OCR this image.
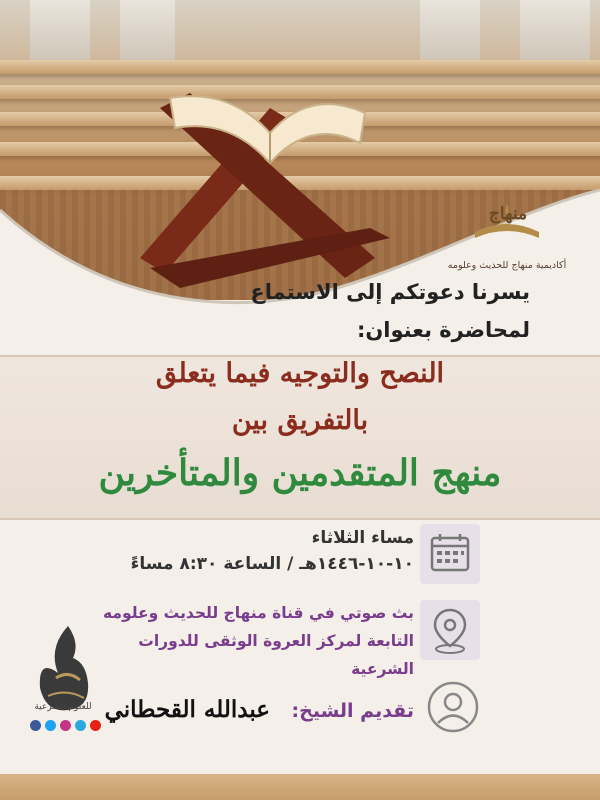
منهاج
أكاديمية منهاج للحديث وعلومه
يسرنا دعوتكم إلى الاستماع
لمحاضرة بعنوان:
النصح والتوجيه فيما يتعلق
بالتفريق بين
منهج المتقدمين والمتأخرين
مساء الثلاثاء
١٠-١٠-١٤٤٦هـ / الساعة ٨:٣٠ مساءً
بث صوتي في قناة منهاج للحديث وعلومه
التابعة لمركز العروة الوثقى للدورات
الشرعية
تقديم الشيخ:
عبدالله القحطاني
للعلوم الشرعية
